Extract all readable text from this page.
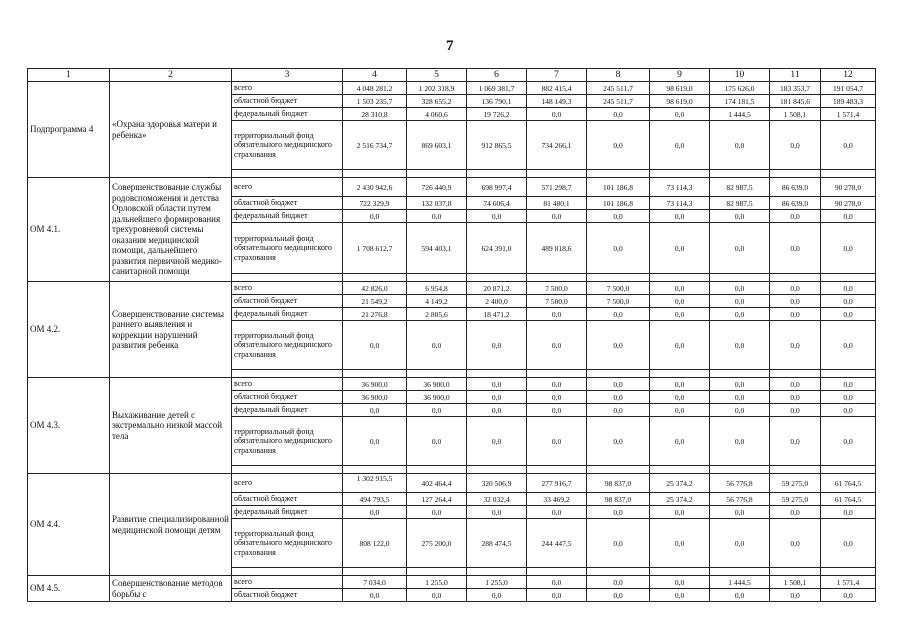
7
1	2	3	4	5	6	7	8	9	10	11	12
Подпрограмма 4	«Охрана здоровья матери и ребенка»	всего	4 048 281,2	1 202 318,9	1 069 381,7	882 415,4	245 511,7	98 619,0	175 626,0	183 353,7	191 054,7
		областной бюджет	1 503 235,7	328 655,2	136 790,1	148 149,3	245 511,7	98 619,0	174 181,5	181 845,6	189 483,3
		федеральный бюджет	28 310,8	4 060,6	19 726,2	0,0	0,0	0,0	1 444,5	1 508,1	1 571,4
		территориальный фонд обязательного медицинского страхования	2 516 734,7	869 603,1	912 865,5	734 266,1	0,0	0,0	0,0	0,0	0,0

ОМ 4.1.	Совершенствование службы родовспоможения и детства Орловской области путем дальнейшего формирования трехуровневой системы оказания медицинской помощи, дальнейшего развития первичной медико-санитарной помощи	всего	2 430 942,6	726 440,9	698 997,4	571 298,7	101 186,8	73 114,3	82 987,5	86 639,0	90 278,0
		областной бюджет	722 329,9	132 037,8	74 606,4	81 480,1	101 186,8	73 114,3	82 987,5	86 639,0	90 278,0
		федеральный бюджет	0,0	0,0	0,0	0,0	0,0	0,0	0,0	0,0	0,0
		территориальный фонд обязательного медицинского страхования	1 708 612,7	594 403,1	624 391,0	489 818,6	0,0	0,0	0,0	0,0	0,0

ОМ 4.2.	Совершенствование системы раннего выявления и коррекции нарушений развития ребенка	всего	42 826,0	6 954,8	20 871,2	7 500,0	7 500,0	0,0	0,0	0,0	0,0
		областной бюджет	21 549,2	4 149,2	2 400,0	7 500,0	7 500,0	0,0	0,0	0,0	0,0
		федеральный бюджет	21 276,8	2 805,6	18 471,2	0,0	0,0	0,0	0,0	0,0	0,0
		территориальный фонд обязательного медицинского страхования	0,0	0,0	0,0	0,0	0,0	0,0	0,0	0,0	0,0

ОМ 4.3.	Выхаживание детей с экстремально низкой массой тела	всего	36 900,0	36 900,0	0,0	0,0	0,0	0,0	0,0	0,0	0,0
		областной бюджет	36 900,0	36 900,0	0,0	0,0	0,0	0,0	0,0	0,0	0,0
		федеральный бюджет	0,0	0,0	0,0	0,0	0,0	0,0	0,0	0,0	0,0
		территориальный фонд обязательного медицинского страхования	0,0	0,0	0,0	0,0	0,0	0,0	0,0	0,0	0,0

ОМ 4.4.	Развитие специализированной медицинской помощи детям	всего	1 302 915,5	402 464,4	320 506,9	277 916,7	98 837,0	25 374,2	56 776,8	59 275,0	61 764,5
		областной бюджет	494 793,5	127 264,4	32 032,4	33 469,2	98 837,0	25 374,2	56 776,8	59 275,0	61 764,5
		федеральный бюджет	0,0	0,0	0,0	0,0	0,0	0,0	0,0	0,0	0,0
		территориальный фонд обязательного медицинского страхования	808 122,0	275 200,0	288 474,5	244 447,5	0,0	0,0	0,0	0,0	0,0

ОМ 4.5.	Совершенствование методов борьбы с	всего	7 034,0	1 255,0	1 255,0	0,0	0,0	0,0	1 444,5	1 508,1	1 571,4
		областной бюджет	0,0	0,0	0,0	0,0	0,0	0,0	0,0	0,0	0,0
